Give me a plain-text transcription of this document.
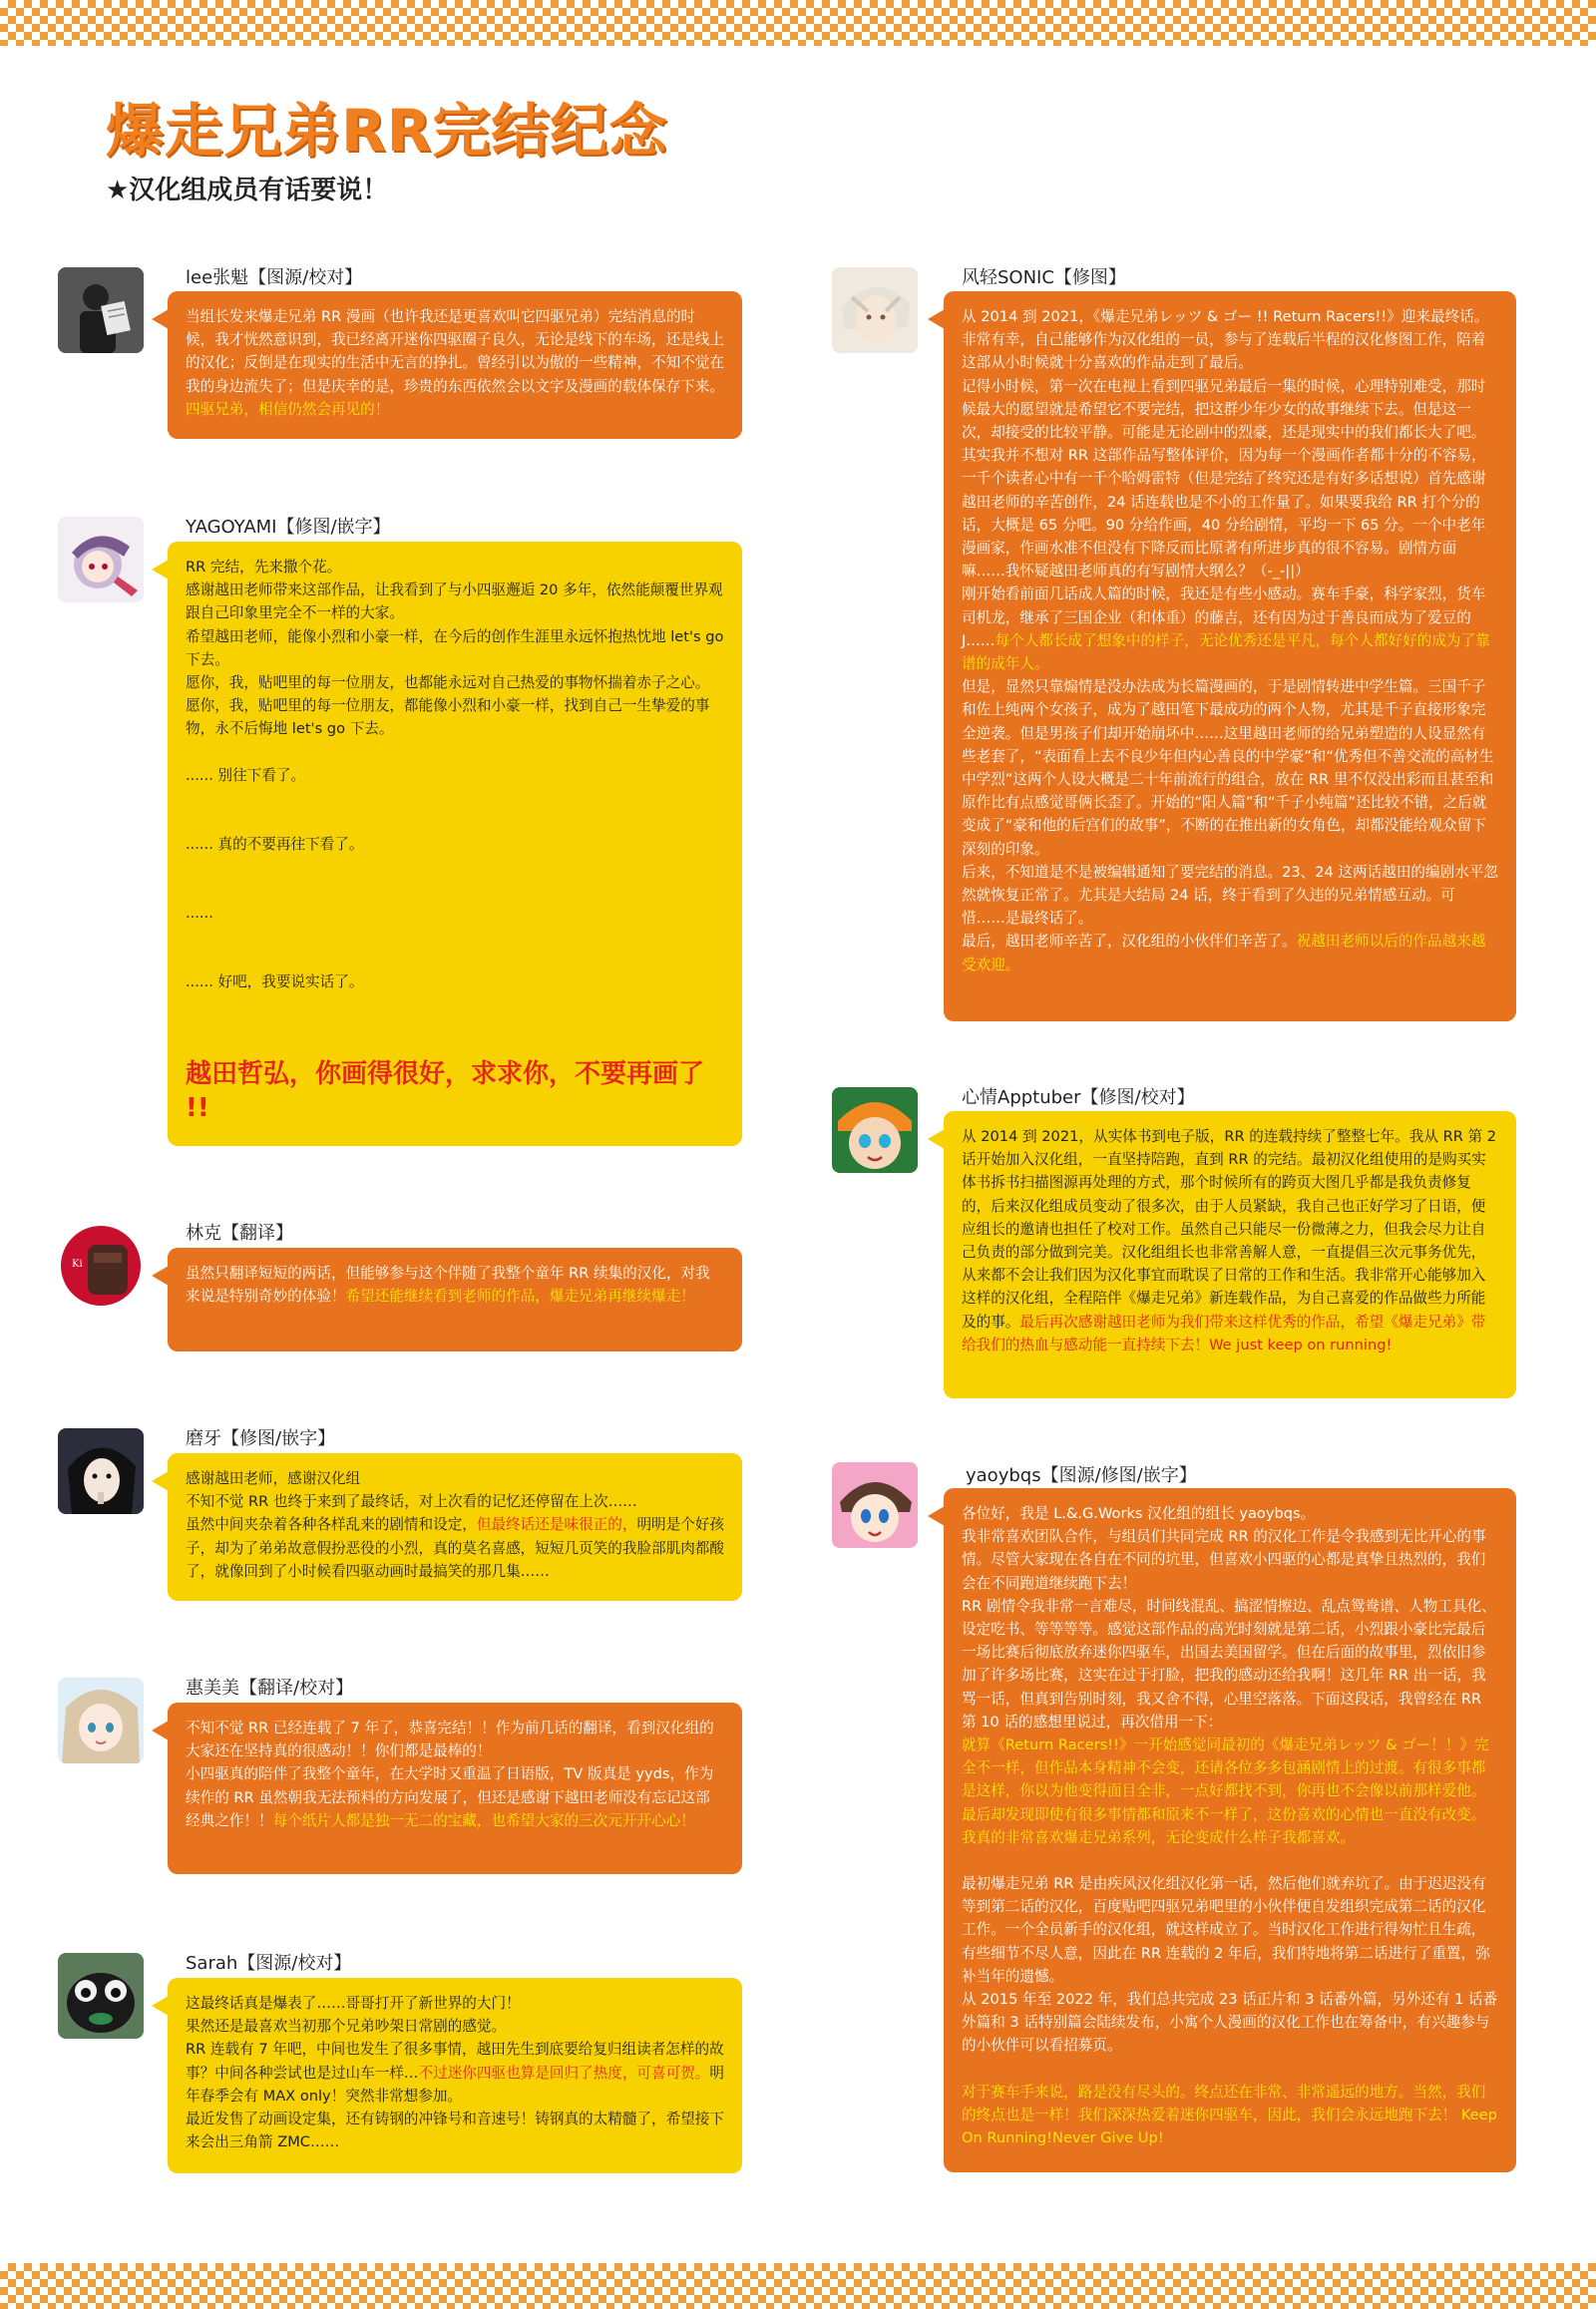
爆走兄弟RR完结纪念
★汉化组成员有话要说！
lee张魁【图源/校对】
当组长发来爆走兄弟 RR 漫画（也许我还是更喜欢叫它四驱兄弟）完结消息的时候，我才恍然意识到，我已经离开迷你四驱圈子良久，无论是线下的车场，还是线上的汉化；反倒是在现实的生活中无言的挣扎。曾经引以为傲的一些精神，不知不觉在我的身边流失了；但是庆幸的是，珍贵的东西依然会以文字及漫画的载体保存下来。四驱兄弟，相信仍然会再见的！
YAGOYAMI【修图/嵌字】

RR 完结，先来撒个花。

感谢越田老师带来这部作品，让我看到了与小四驱邂逅 20 多年，依然能颠覆世界观跟自己印象里完全不一样的大家。

希望越田老师，能像小烈和小豪一样，在今后的创作生涯里永远怀抱热忱地 let's go 下去。

愿你，我，贴吧里的每一位朋友，也都能永远对自己热爱的事物怀揣着赤子之心。

愿你，我，贴吧里的每一位朋友，都能像小烈和小豪一样，找到自己一生挚爱的事物，永不后悔地 let's go 下去。

...... 别往下看了。

...... 真的不要再往下看了。

......

...... 好吧，我要说实话了。

越田哲弘，你画得很好，求求你，不要再画了 !!

Ki
林克【翻译】
虽然只翻译短短的两话，但能够参与这个伴随了我整个童年 RR 续集的汉化，对我来说是特别奇妙的体验！希望还能继续看到老师的作品，爆走兄弟再继续爆走！
磨牙【修图/嵌字】

感谢越田老师，感谢汉化组

不知不觉 RR 也终于来到了最终话，对上次看的记忆还停留在上次……

虽然中间夹杂着各种各样乱来的剧情和设定，但最终话还是味很正的，明明是个好孩子，却为了弟弟故意假扮恶役的小烈，真的莫名喜感，短短几页笑的我脸部肌肉都酸了，就像回到了小时候看四驱动画时最搞笑的那几集……

惠美美【翻译/校对】

不知不觉 RR 已经连载了 7 年了，恭喜完结！！作为前几话的翻译，看到汉化组的大家还在坚持真的很感动！！你们都是最棒的！

小四驱真的陪伴了我整个童年，在大学时又重温了日语版，TV 版真是 yyds，作为续作的 RR 虽然朝我无法预料的方向发展了，但还是感谢下越田老师没有忘记这部经典之作！！每个纸片人都是独一无二的宝藏，也希望大家的三次元开开心心！

Sarah【图源/校对】

这最终话真是爆表了……哥哥打开了新世界的大门！

果然还是最喜欢当初那个兄弟吵架日常剧的感觉。

RR 连载有 7 年吧，中间也发生了很多事情，越田先生到底要给复归组读者怎样的故事？中间各种尝试也是过山车一样…不过迷你四驱也算是回归了热度，可喜可贺。明年春季会有 MAX only！突然非常想参加。

最近发售了动画设定集，还有铸钢的冲锋号和音速号！铸钢真的太精髓了，希望接下来会出三角箭 ZMC……

风轻SONIC【修图】

从 2014 到 2021，《爆走兄弟レッツ & ゴー !! Return Racers!!》迎来最终话。非常有幸，自己能够作为汉化组的一员，参与了连载后半程的汉化修图工作，陪着这部从小时候就十分喜欢的作品走到了最后。

记得小时候，第一次在电视上看到四驱兄弟最后一集的时候，心理特别难受，那时候最大的愿望就是希望它不要完结，把这群少年少女的故事继续下去。但是这一次，却接受的比较平静。可能是无论剧中的烈豪，还是现实中的我们都长大了吧。

其实我并不想对 RR 这部作品写整体评价，因为每一个漫画作者都十分的不容易，一千个读者心中有一千个哈姆雷特（但是完结了终究还是有好多话想说）首先感谢越田老师的辛苦创作，24 话连载也是不小的工作量了。如果要我给 RR 打个分的话，大概是 65 分吧。90 分给作画，40 分给剧情，平均一下 65 分。一个中老年漫画家，作画水准不但没有下降反而比原著有所进步真的很不容易。剧情方面嘛……我怀疑越田老师真的有写剧情大纲么？（-_-||）

刚开始看前面几话成人篇的时候，我还是有些小感动。赛车手豪，科学家烈，货车司机龙，继承了三国企业（和体重）的藤吉，还有因为过于善良而成为了爱豆的 J……每个人都长成了想象中的样子，无论优秀还是平凡，每个人都好好的成为了靠谱的成年人。

但是，显然只靠煽情是没办法成为长篇漫画的，于是剧情转进中学生篇。三国千子和佐上纯两个女孩子，成为了越田笔下最成功的两个人物，尤其是千子直接形象完全逆袭。但是男孩子们却开始崩坏中……这里越田老师的给兄弟塑造的人设显然有些老套了，“表面看上去不良少年但内心善良的中学豪”和“优秀但不善交流的高材生中学烈”这两个人设大概是二十年前流行的组合，放在 RR 里不仅没出彩而且甚至和原作比有点感觉哥俩长歪了。开始的“阳人篇”和“千子小纯篇”还比较不错，之后就变成了“豪和他的后宫们的故事”，不断的在推出新的女角色，却都没能给观众留下深刻的印象。

后来，不知道是不是被编辑通知了要完结的消息。23、24 这两话越田的编剧水平忽然就恢复正常了。尤其是大结局 24 话，终于看到了久违的兄弟情感互动。可惜……是最终话了。

最后，越田老师辛苦了，汉化组的小伙伴们辛苦了。祝越田老师以后的作品越来越受欢迎。

心情Apptuber【修图/校对】
从 2014 到 2021，从实体书到电子版，RR 的连载持续了整整七年。我从 RR 第 2 话开始加入汉化组，一直坚持陪跑，直到 RR 的完结。最初汉化组使用的是购买实体书拆书扫描图源再处理的方式，那个时候所有的跨页大图几乎都是我负责修复的，后来汉化组成员变动了很多次，由于人员紧缺，我自己也正好学习了日语，便应组长的邀请也担任了校对工作。虽然自己只能尽一份微薄之力，但我会尽力让自己负责的部分做到完美。汉化组组长也非常善解人意，一直提倡三次元事务优先，从来都不会让我们因为汉化事宜而耽误了日常的工作和生活。我非常开心能够加入这样的汉化组，全程陪伴《爆走兄弟》新连载作品，为自己喜爱的作品做些力所能及的事。最后再次感谢越田老师为我们带来这样优秀的作品，希望《爆走兄弟》带给我们的热血与感动能一直持续下去！We just keep on running!
yaoybqs【图源/修图/嵌字】

各位好，我是 L.&.G.Works 汉化组的组长 yaoybqs。

我非常喜欢团队合作，与组员们共同完成 RR 的汉化工作是令我感到无比开心的事情。尽管大家现在各自在不同的坑里，但喜欢小四驱的心都是真挚且热烈的，我们会在不同跑道继续跑下去！

RR 剧情令我非常一言难尽，时间线混乱、搞涩情擦边、乱点鸳鸯谱、人物工具化、设定吃书、等等等等。感觉这部作品的高光时刻就是第二话，小烈跟小豪比完最后一场比赛后彻底放弃迷你四驱车，出国去美国留学。但在后面的故事里，烈依旧参加了许多场比赛，这实在过于打脸，把我的感动还给我啊！这几年 RR 出一话，我骂一话，但真到告别时刻，我又舍不得，心里空落落。下面这段话，我曾经在 RR 第 10 话的感想里说过，再次借用一下：

就算《Return Racers!!》一开始感觉同最初的《爆走兄弟レッツ & ゴー！！》完全不一样，但作品本身精神不会变，还请各位多多包涵剧情上的过渡。有很多事都是这样，你以为他变得面目全非，一点好都找不到，你再也不会像以前那样爱他。最后却发现即使有很多事情都和原来不一样了，这份喜欢的心情也一直没有改变。我真的非常喜欢爆走兄弟系列，无论变成什么样子我都喜欢。

最初爆走兄弟 RR 是由疾风汉化组汉化第一话，然后他们就弃坑了。由于迟迟没有等到第二话的汉化，百度贴吧四驱兄弟吧里的小伙伴便自发组织完成第二话的汉化工作。一个全员新手的汉化组，就这样成立了。当时汉化工作进行得匆忙且生疏，有些细节不尽人意，因此在 RR 连载的 2 年后，我们特地将第二话进行了重置，弥补当年的遗憾。

从 2015 年至 2022 年，我们总共完成 23 话正片和 3 话番外篇，另外还有 1 话番外篇和 3 话特别篇会陆续发布，小寓个人漫画的汉化工作也在筹备中，有兴趣参与的小伙伴可以看招募页。

对于赛车手来说，路是没有尽头的。终点还在非常、非常遥远的地方。当然，我们的终点也是一样！我们深深热爱着迷你四驱车，因此，我们会永远地跑下去！ Keep On Running!Never Give Up!
